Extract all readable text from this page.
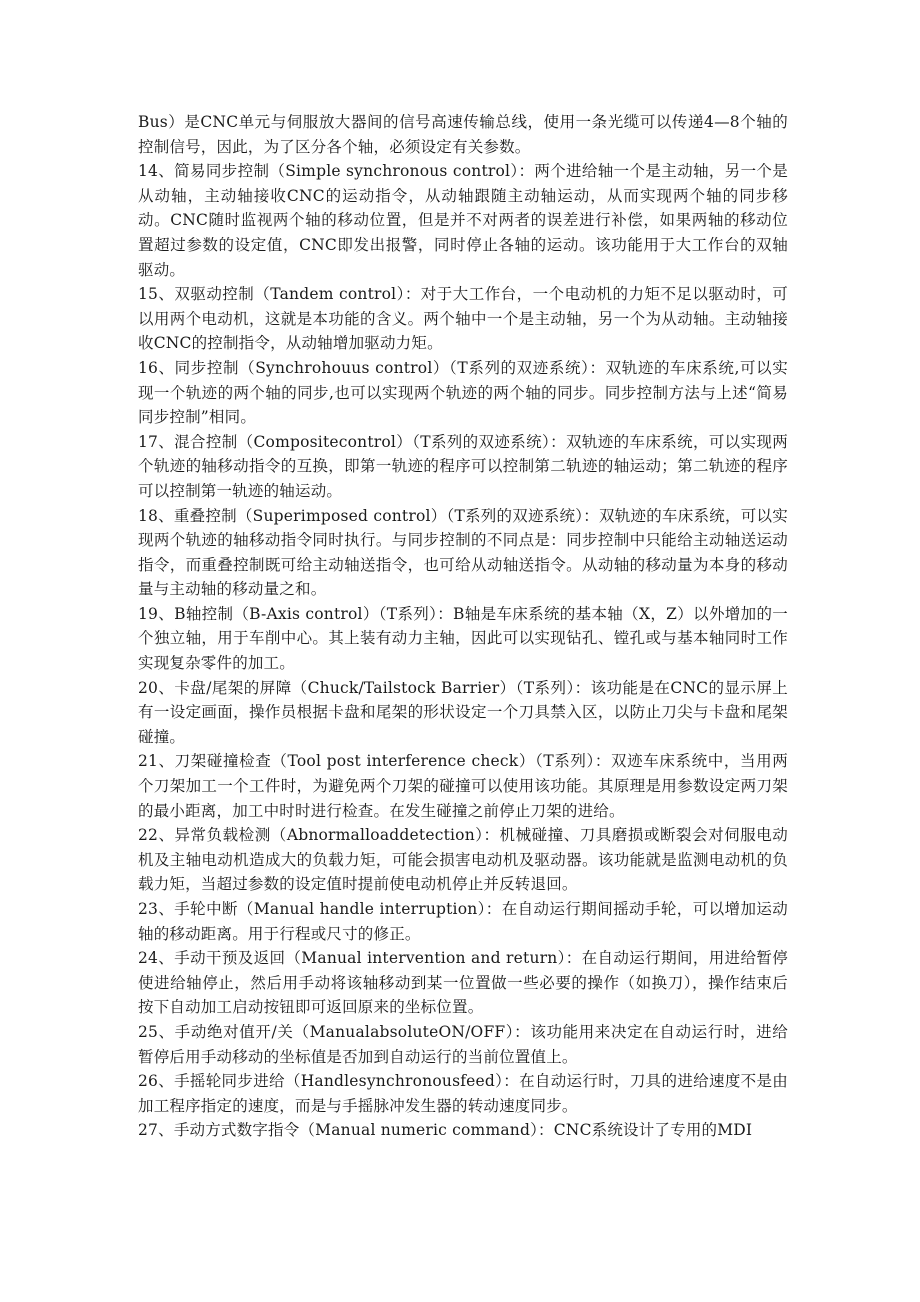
Bus）是CNC单元与伺服放大器间的信号高速传输总线，使用一条光缆可以传递4—8个轴的控制信号，因此，为了区分各个轴，必须设定有关参数。

14、简易同步控制（Simple synchronous control）：两个进给轴一个是主动轴，另一个是从动轴，主动轴接收CNC的运动指令，从动轴跟随主动轴运动，从而实现两个轴的同步移动。CNC随时监视两个轴的移动位置，但是并不对两者的误差进行补偿，如果两轴的移动位置超过参数的设定值，CNC即发出报警，同时停止各轴的运动。该功能用于大工作台的双轴驱动。

15、双驱动控制（Tandem control）：对于大工作台，一个电动机的力矩不足以驱动时，可以用两个电动机，这就是本功能的含义。两个轴中一个是主动轴，另一个为从动轴。主动轴接收CNC的控制指令，从动轴增加驱动力矩。

16、同步控制（Synchrohouus control）（T系列的双迹系统）：双轨迹的车床系统,可以实现一个轨迹的两个轴的同步,也可以实现两个轨迹的两个轴的同步。同步控制方法与上述“简易同步控制”相同。

17、混合控制（Compositecontrol）（T系列的双迹系统）：双轨迹的车床系统，可以实现两个轨迹的轴移动指令的互换，即第一轨迹的程序可以控制第二轨迹的轴运动；第二轨迹的程序可以控制第一轨迹的轴运动。

18、重叠控制（Superimposed control）（T系列的双迹系统）：双轨迹的车床系统，可以实现两个轨迹的轴移动指令同时执行。与同步控制的不同点是：同步控制中只能给主动轴送运动指令，而重叠控制既可给主动轴送指令，也可给从动轴送指令。从动轴的移动量为本身的移动量与主动轴的移动量之和。

19、B轴控制（B-Axis control）（T系列）：B轴是车床系统的基本轴（X，Z）以外增加的一个独立轴，用于车削中心。其上装有动力主轴，因此可以实现钻孔、镗孔或与基本轴同时工作实现复杂零件的加工。

20、卡盘/尾架的屏障（Chuck/Tailstock Barrier）（T系列）：该功能是在CNC的显示屏上有一设定画面，操作员根据卡盘和尾架的形状设定一个刀具禁入区，以防止刀尖与卡盘和尾架碰撞。

21、刀架碰撞检查（Tool post interference check）（T系列）：双迹车床系统中，当用两个刀架加工一个工件时，为避免两个刀架的碰撞可以使用该功能。其原理是用参数设定两刀架的最小距离，加工中时时进行检查。在发生碰撞之前停止刀架的进给。

22、异常负载检测（Abnormalloaddetection）：机械碰撞、刀具磨损或断裂会对伺服电动机及主轴电动机造成大的负载力矩，可能会损害电动机及驱动器。该功能就是监测电动机的负载力矩，当超过参数的设定值时提前使电动机停止并反转退回。

23、手轮中断（Manual handle interruption）：在自动运行期间摇动手轮，可以增加运动轴的移动距离。用于行程或尺寸的修正。

24、手动干预及返回（Manual intervention and return）：在自动运行期间，用进给暂停使进给轴停止，然后用手动将该轴移动到某一位置做一些必要的操作（如换刀），操作结束后按下自动加工启动按钮即可返回原来的坐标位置。

25、手动绝对值开/关（ManualabsoluteON/OFF）：该功能用来决定在自动运行时，进给暂停后用手动移动的坐标值是否加到自动运行的当前位置值上。

26、手摇轮同步进给（Handlesynchronousfeed）：在自动运行时，刀具的进给速度不是由加工程序指定的速度，而是与手摇脉冲发生器的转动速度同步。

27、手动方式数字指令（Manual numeric command）：CNC系统设计了专用的MDI
